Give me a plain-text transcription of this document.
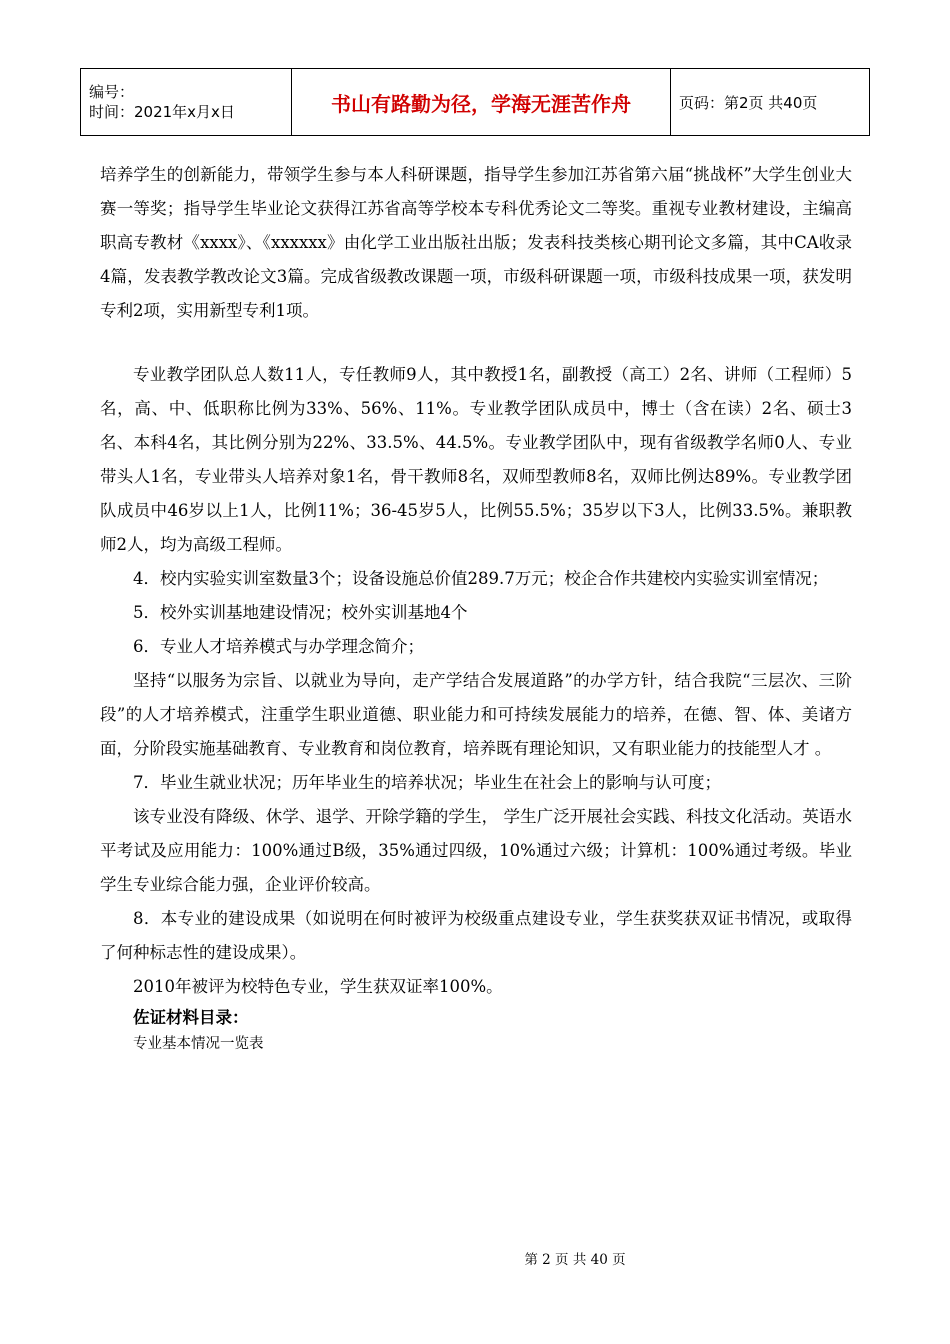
编号：
时间：2021年x月x日	书山有路勤为径，学海无涯苦作舟	页码：第2页 共40页

培养学生的创新能力，带领学生参与本人科研课题，指导学生参加江苏省第六届“挑战杯”大学生创业大赛一等奖；指导学生毕业论文获得江苏省高等学校本专科优秀论文二等奖。重视专业教材建设，主编高职高专教材《xxxx》、《xxxxxx》由化学工业出版社出版；发表科技类核心期刊论文多篇，其中CA收录4篇，发表教学教改论文3篇。完成省级教改课题一项，市级科研课题一项，市级科技成果一项，获发明专利2项，实用新型专利1项。

专业教学团队总人数11人，专任教师9人，其中教授1名，副教授（高工）2名、讲师（工程师）5名，高、中、低职称比例为33%、56%、11%。专业教学团队成员中，博士（含在读）2名、硕士3名、本科4名，其比例分别为22%、33.5%、44.5%。专业教学团队中，现有省级教学名师0人、专业带头人1名，专业带头人培养对象1名，骨干教师8名，双师型教师8名，双师比例达89%。专业教学团队成员中46岁以上1人，比例11%；36-45岁5人，比例55.5%；35岁以下3人，比例33.5%。兼职教师2人，均为高级工程师。

4．校内实验实训室数量3个；设备设施总价值289.7万元；校企合作共建校内实验实训室情况；

5．校外实训基地建设情况；校外实训基地4个

6．专业人才培养模式与办学理念简介；

坚持“以服务为宗旨、以就业为导向，走产学结合发展道路”的办学方针，结合我院“三层次、三阶段”的人才培养模式，注重学生职业道德、职业能力和可持续发展能力的培养，在德、智、体、美诸方面，分阶段实施基础教育、专业教育和岗位教育，培养既有理论知识，又有职业能力的技能型人才 。

7．毕业生就业状况；历年毕业生的培养状况；毕业生在社会上的影响与认可度；

该专业没有降级、休学、退学、开除学籍的学生， 学生广泛开展社会实践、科技文化活动。英语水平考试及应用能力：100%通过B级，35%通过四级，10%通过六级；计算机：100%通过考级。毕业学生专业综合能力强，企业评价较高。

8．本专业的建设成果（如说明在何时被评为校级重点建设专业，学生获奖获双证书情况，或取得了何种标志性的建设成果）。

2010年被评为校特色专业，学生获双证率100%。

佐证材料目录：

专业基本情况一览表

第 2 页 共 40 页
